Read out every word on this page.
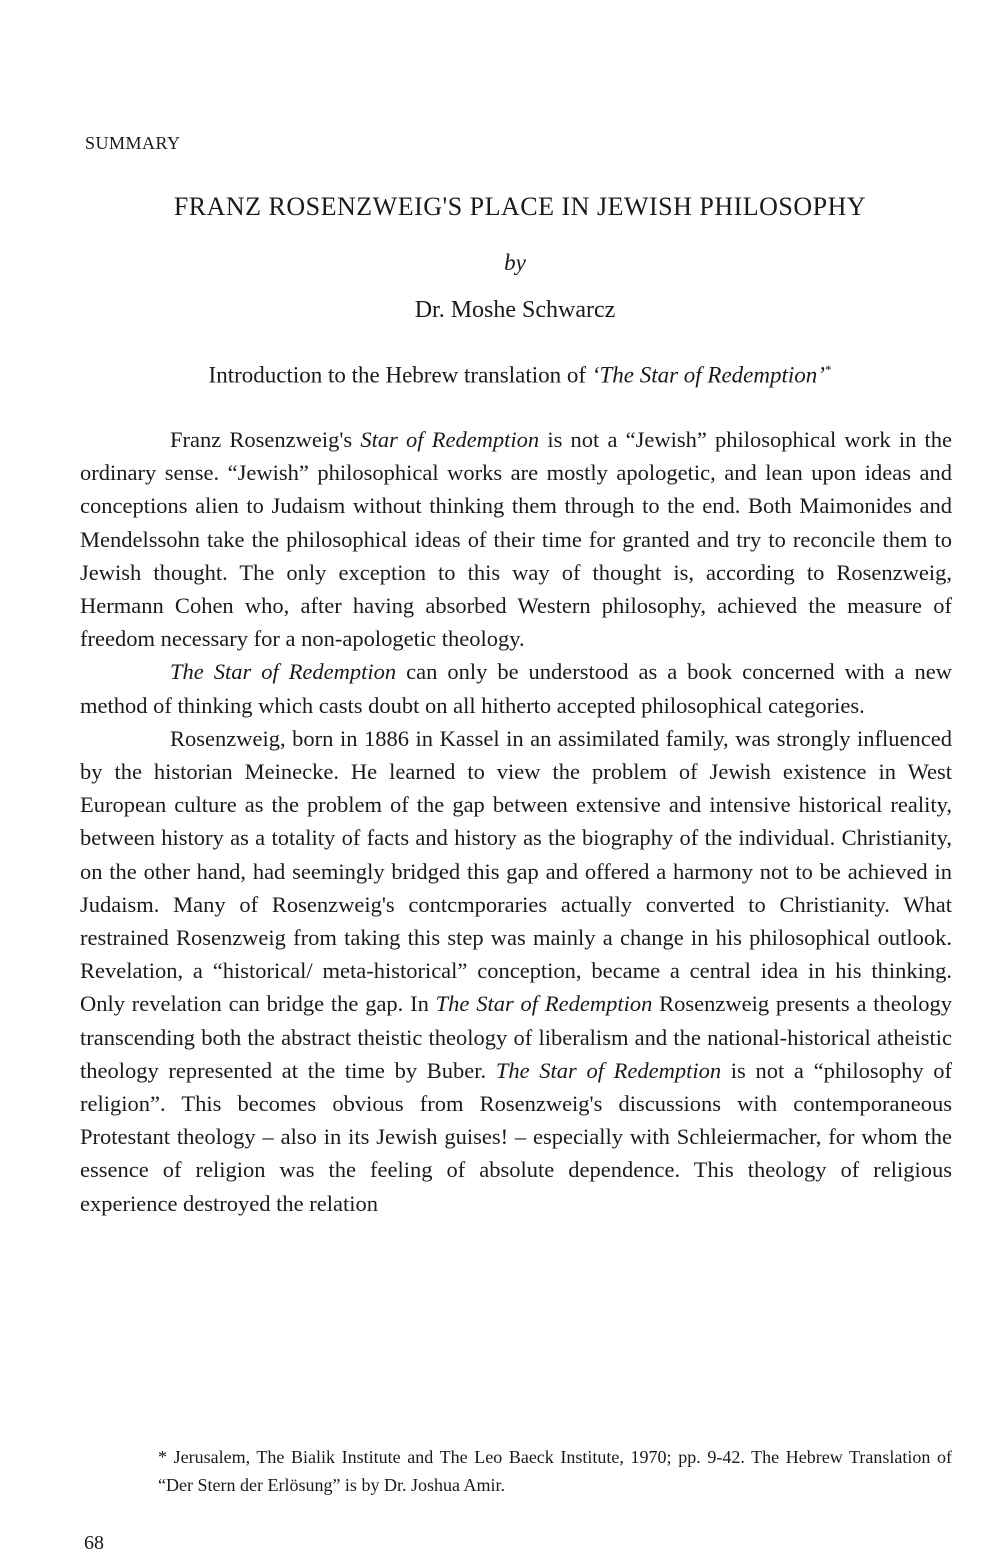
SUMMARY
FRANZ ROSENZWEIG'S PLACE IN JEWISH PHILOSOPHY
by
Dr. Moshe Schwarcz
Introduction to the Hebrew translation of ‘The Star of Redemption’*

Franz Rosenzweig's Star of Redemption is not a “Jewish” philosophical work in the ordinary sense. “Jewish” philosophical works are mostly apologetic, and lean upon ideas and conceptions alien to Judaism without thinking them through to the end. Both Maimonides and Mendelssohn take the philosophical ideas of their time for granted and try to reconcile them to Jewish thought. The only exception to this way of thought is, according to Rosenzweig, Hermann Cohen who, after having absorbed Western philosophy, achieved the measure of freedom necessary for a non-apologetic theology.

The Star of Redemption can only be understood as a book concerned with a new method of thinking which casts doubt on all hitherto accepted philosophical categories.

Rosenzweig, born in 1886 in Kassel in an assimilated family, was strongly influenced by the historian Meinecke. He learned to view the problem of Jewish existence in West European culture as the problem of the gap between extensive and intensive historical reality, between history as a totality of facts and history as the biography of the individual. Christianity, on the other hand, had seemingly bridged this gap and offered a harmony not to be achieved in Judaism. Many of Rosenzweig's contcmporaries actually converted to Christianity. What restrained Rosenzweig from taking this step was mainly a change in his philosophical outlook. Revelation, a “historical/ meta-historical” conception, became a central idea in his thinking. Only revelation can bridge the gap. In The Star of Redemption Rosenzweig presents a theology transcending both the abstract theistic theology of liberalism and the national-historical atheistic theology represented at the time by Buber. The Star of Redemption is not a “philosophy of religion”. This becomes obvious from Rosenzweig's discussions with contemporaneous Protestant theology – also in its Jewish guises! – especially with Schleiermacher, for whom the essence of religion was the feeling of absolute dependence. This theology of religious experience destroyed the relation

* Jerusalem, The Bialik Institute and The Leo Baeck Institute, 1970; pp. 9-42. The Hebrew Translation of “Der Stern der Erlösung” is by Dr. Joshua Amir.
68
